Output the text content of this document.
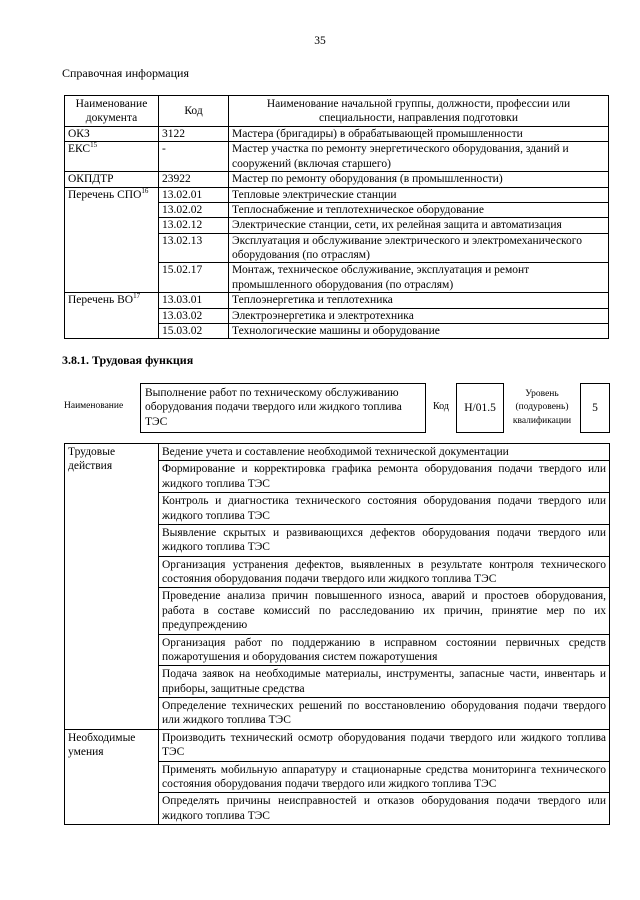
35
Справочная информация
Наименование документа	Код	Наименование начальной группы, должности, профессии или специальности, направления подготовки
ОКЗ	3122	Мастера (бригадиры) в обрабатывающей промышленности
ЕКС$^{15}$	-	Мастер участка по ремонту энергетического оборудования, зданий и сооружений (включая старшего)
ОКПДТР	23922	Мастер по ремонту оборудования (в промышленности)
Перечень СПО$^{16}$	13.02.01	Тепловые электрические станции
	13.02.02	Теплоснабжение и теплотехническое оборудование
	13.02.12	Электрические станции, сети, их релейная защита и автоматизация
	13.02.13	Эксплуатация и обслуживание электрического и электромеханического оборудования (по отраслям)
	15.02.17	Монтаж, техническое обслуживание, эксплуатация и ремонт промышленного оборудования (по отраслям)
Перечень ВО$^{17}$	13.03.01	Теплоэнергетика и теплотехника
	13.03.02	Электроэнергетика и электротехника
	15.03.02	Технологические машины и оборудование
3.8.1. Трудовая функция
Наименование
Выполнение работ по техническому обслуживанию оборудования подачи твердого или жидкого топлива ТЭС
Код	H/01.5
Уровень (подуровень) квалификации
5
Трудовые действия	Ведение учета и составление необходимой технической документации
	Формирование и корректировка графика ремонта оборудования подачи твердого или жидкого топлива ТЭС
	Контроль и диагностика технического состояния оборудования подачи твердого или жидкого топлива ТЭС
	Выявление скрытых и развивающихся дефектов оборудования подачи твердого или жидкого топлива ТЭС
	Организация устранения дефектов, выявленных в результате контроля технического состояния оборудования подачи твердого или жидкого топлива ТЭС
	Проведение анализа причин повышенного износа, аварий и простоев оборудования, работа в составе комиссий по расследованию их причин, принятие мер по их предупреждению
	Организация работ по поддержанию в исправном состоянии первичных средств пожаротушения и оборудования систем пожаротушения
	Подача заявок на необходимые материалы, инструменты, запасные части, инвентарь и приборы, защитные средства
	Определение технических решений по восстановлению оборудования подачи твердого или жидкого топлива ТЭС
Необходимые умения	Производить технический осмотр оборудования подачи твердого или жидкого топлива ТЭС
	Применять мобильную аппаратуру и стационарные средства мониторинга технического состояния оборудования подачи твердого или жидкого топлива ТЭС
	Определять причины неисправностей и отказов оборудования подачи твердого или жидкого топлива ТЭС
